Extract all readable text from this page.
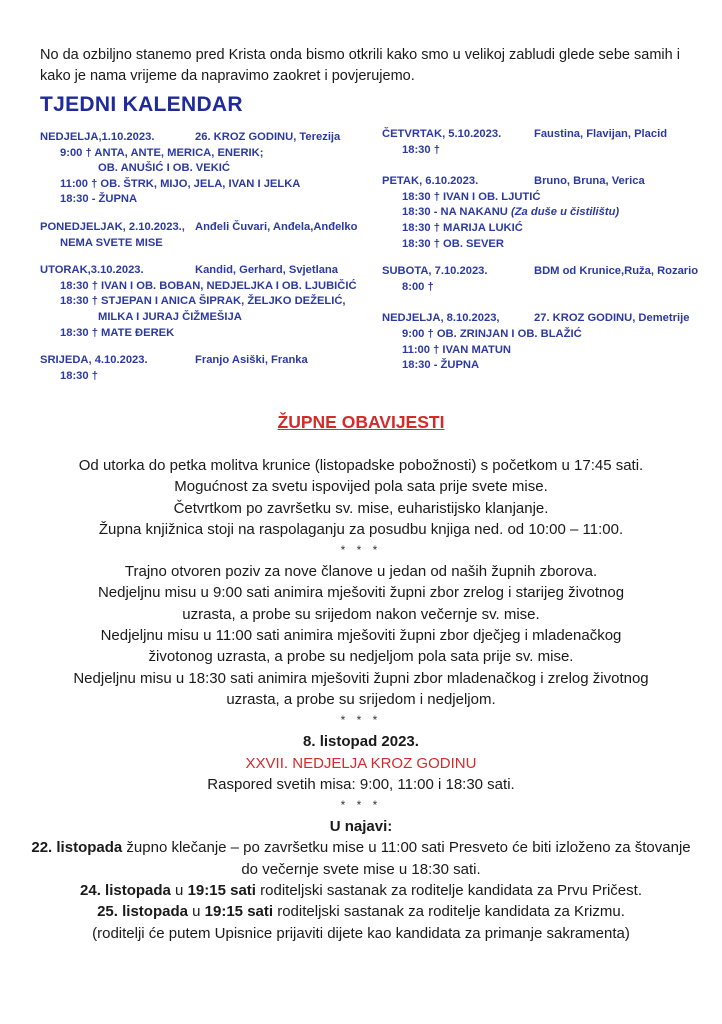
No da ozbiljno stanemo pred Krista onda bismo otkrili kako smo u velikoj zabludi glede sebe samih i kako je nama vrijeme da napravimo zaokret i povjerujemo.
TJEDNI KALENDAR
NEDJELJA,1.10.2023.	26. KROZ GODINU, Terezija
9:00 † ANTA, ANTE, MERICA, ENERIK;
OB. ANUŠIĆ I OB. VEKIĆ
11:00 † OB. ŠTRK, MIJO, JELA, IVAN I JELKA
18:30 - ŽUPNA
PONEDJELJAK, 2.10.2023., Anđeli Čuvari, Anđela,Anđelko
NEMA SVETE MISE
UTORAK,3.10.2023.	Kandid, Gerhard, Svjetlana
18:30 † IVAN I OB. BOBAN, NEDJELJKA I OB. LJUBIČIĆ
18:30 † STJEPAN I ANICA ŠIPRAK, ŽELJKO DEŽELIĆ,
MILKA I JURAJ ČIŽMEŠIJA
18:30 † MATE ĐEREK
SRIJEDA, 4.10.2023.	Franjo Asiški, Franka
18:30 †
ČETVRTAK, 5.10.2023.	Faustina, Flavijan, Placid
18:30 †
PETAK, 6.10.2023.	Bruno, Bruna, Verica
18:30 † IVAN I OB. LJUTIĆ
18:30 - NA NAKANU (Za duše u čistilištu)
18:30 † MARIJA LUKIĆ
18:30 † OB. SEVER
SUBOTA, 7.10.2023.	BDM od Krunice,Ruža, Rozario
8:00 †
NEDJELJA, 8.10.2023,	27. KROZ GODINU, Demetrije
9:00 † OB. ZRINJAN I OB. BLAŽIĆ
11:00 † IVAN MATUN
18:30 - ŽUPNA
ŽUPNE OBAVIJESTI

Od utorka do petka molitva krunice (listopadske pobožnosti) s početkom u 17:45 sati.

Mogućnost za svetu ispovijed pola sata prije svete mise.

Četvrtkom po završetku sv. mise, euharistijsko klanjanje.

Župna knjižnica stoji na raspolaganju za posudbu knjiga ned. od 10:00 – 11:00.

* * *

Trajno otvoren poziv za nove članove u jedan od naših župnih zborova.

Nedjeljnu misu u 9:00 sati animira mješoviti župni zbor zrelog i starijeg životnog uzrasta, a probe su srijedom nakon večernje sv. mise.

Nedjeljnu misu u 11:00 sati animira mješoviti župni zbor dječjeg i mladenačkog životonog uzrasta, a probe su nedjeljom pola sata prije sv. mise.

Nedjeljnu misu u 18:30 sati animira mješoviti župni zbor mladenačkog i zrelog životnog uzrasta, a probe su srijedom i nedjeljom.

* * *

8. listopad 2023.

XXVII. NEDJELJA KROZ GODINU

Raspored svetih misa: 9:00, 11:00 i 18:30 sati.

* * *

U najavi:

22. listopada župno klečanje – po završetku mise u 11:00 sati Presveto će biti izloženo za štovanje do večernje svete mise u 18:30 sati.

24. listopada u 19:15 sati roditeljski sastanak za roditelje kandidata za Prvu Pričest.

25. listopada u 19:15 sati roditeljski sastanak za roditelje kandidata za Krizmu.

(roditelji će putem Upisnice prijaviti dijete kao kandidata za primanje sakramenta)
